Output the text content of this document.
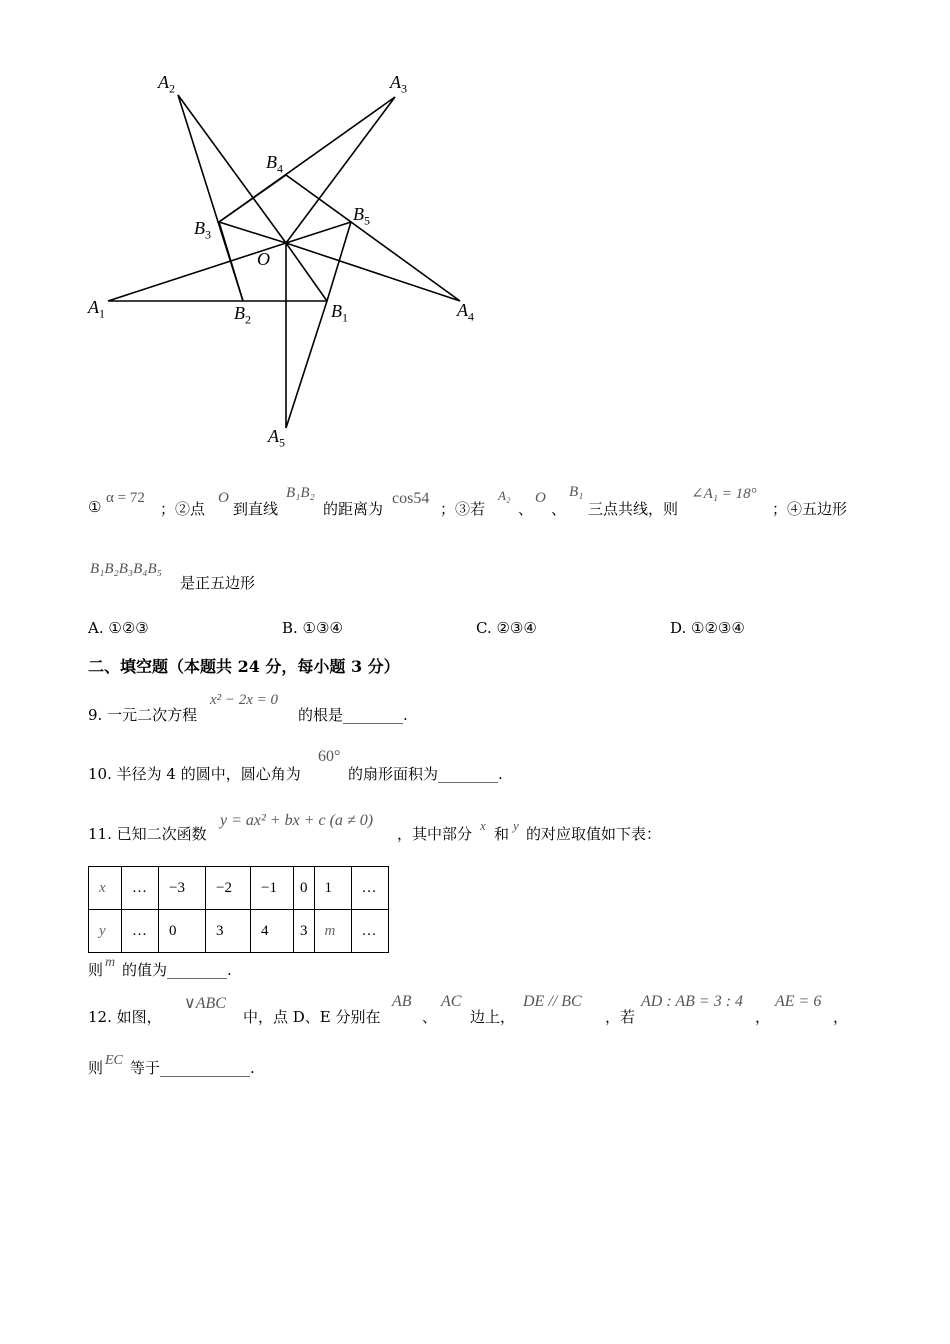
$A_2$	$A_3$
$B_4$
$B_5$
$B_3$
O
$A_1$	$B_2$	$B_1$	$A_4$
$A_5$
① α = 72
；②点
O
到直线
B₁B₂
的距离为
cos54
；③若
A₂
、
O
、
B₁
三点共线，则
∠A₁ = 18°
；④五边形
B₁B₂B₃B₄B₅
是正五边形
A. ①②③	B. ①③④	C. ②③④	D. ①②③④
二、填空题（本题共 24 分，每小题 3 分）
9. 一元二次方程
x² − 2x = 0
的根是________.
10. 半径为 4 的圆中，圆心角为
60°
的扇形面积为________.
11. 已知二次函数
y = ax² + bx + c (a ≠ 0)
，其中部分 x 和 y 的对应取值如下表：
x	…	−3	−2	−1	0	1	…
y	…	0	3	4	3	m	…
则 m 的值为________.
12. 如图，
∨ABC
中，点 D、E 分别在
AB
、
AC
边上，
DE // BC
，若
AD : AB = 3 : 4
，
AE = 6
，
则 EC 等于____________.
